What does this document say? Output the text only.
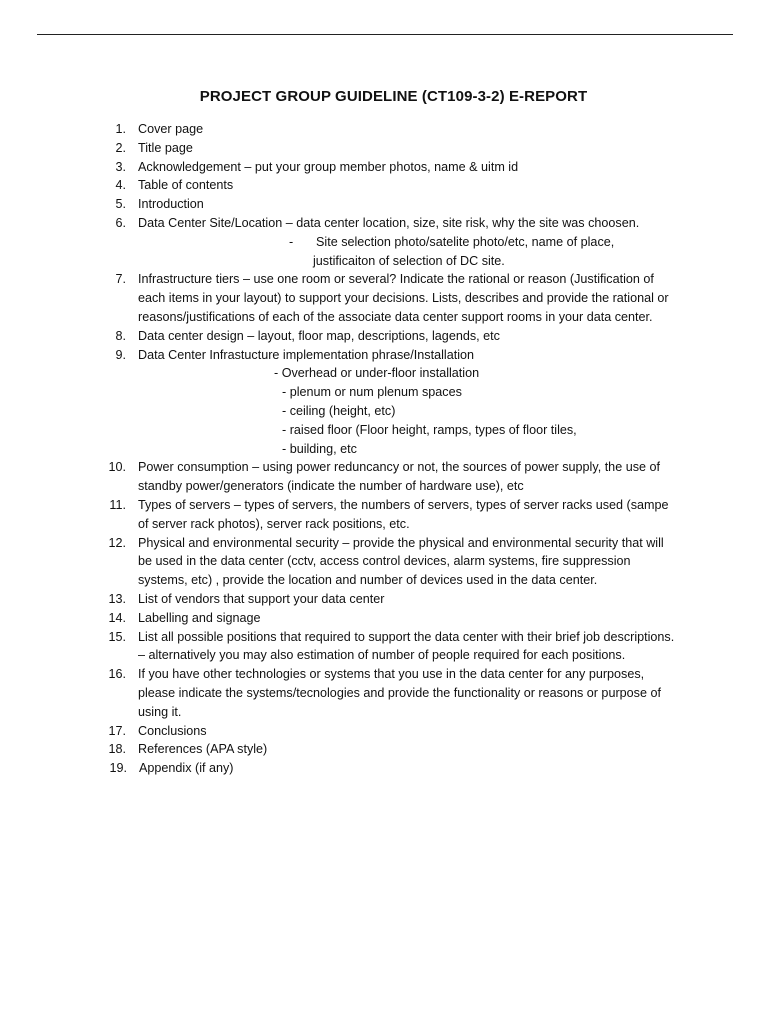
PROJECT GROUP GUIDELINE (CT109-3-2) E-REPORT
1. Cover page
2. Title page
3. Acknowledgement – put your group member photos, name & uitm id
4. Table of contents
5. Introduction
6. Data Center Site/Location – data center location, size, site risk, why the site was choosen.
- Site selection photo/satelite photo/etc, name of place,
justificaiton of selection of DC site.
7. Infrastructure tiers – use one room or several? Indicate the rational or reason (Justification of each items in your layout) to support your decisions. Lists, describes and provide the rational or reasons/justifications of each of the associate data center support rooms in your data center.
8. Data center design – layout, floor map, descriptions, lagends, etc
9. Data Center Infrastucture implementation phrase/Installation
- Overhead or under-floor installation
- plenum or num plenum spaces
- ceiling (height, etc)
- raised floor (Floor height, ramps, types of floor tiles,
- building, etc
10. Power consumption – using power reduncancy or not, the sources of power supply, the use of standby power/generators (indicate the number of hardware use), etc
11. Types of servers – types of servers, the numbers of servers, types of server racks used (sampe of server rack photos), server rack positions, etc.
12. Physical and environmental security – provide the physical and environmental security that will be used in the data center (cctv, access control devices, alarm systems, fire suppression systems, etc) , provide the location and number of devices used in the data center.
13. List of vendors that support your data center
14. Labelling and signage
15. List all possible positions that required to support the data center with their brief job descriptions. – alternatively you may also estimation of number of people required for each positions.
16. If you have other technologies or systems that you use in the data center for any purposes, please indicate the systems/tecnologies and provide the functionality or reasons or purpose of using it.
17. Conclusions
18. References (APA style)
19. Appendix (if any)
